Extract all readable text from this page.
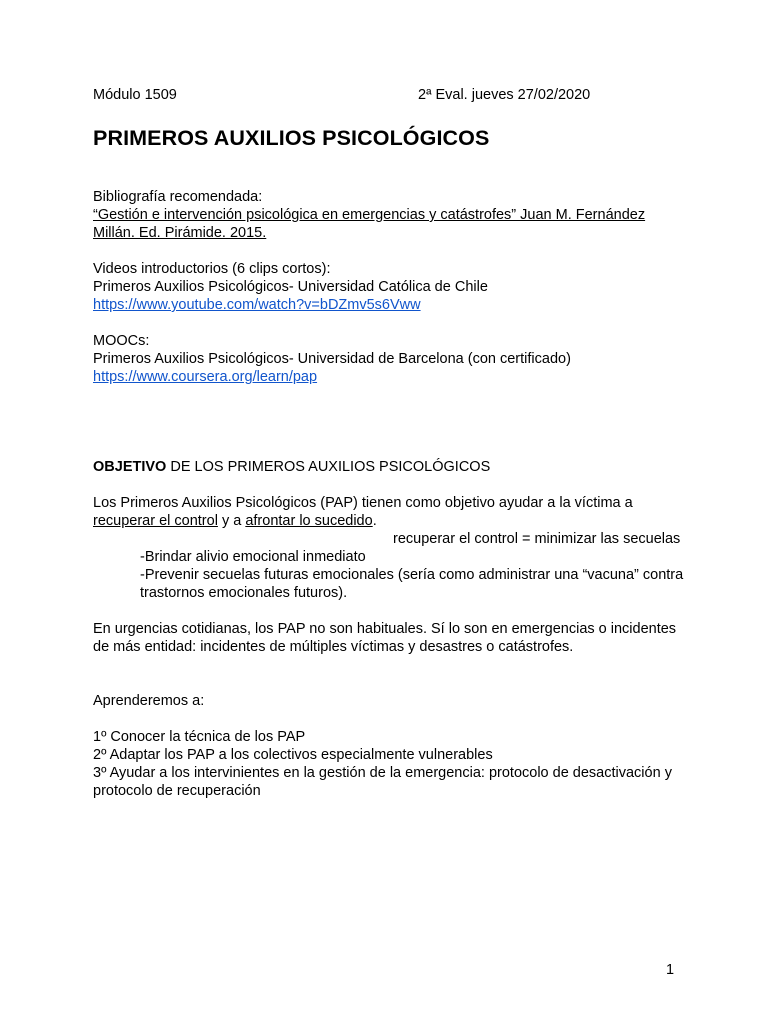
Módulo 1509	2ª Eval. jueves 27/02/2020
PRIMEROS AUXILIOS PSICOLÓGICOS

Bibliografía recomendada:

“Gestión e intervención psicológica en emergencias y catástrofes” Juan M. Fernández

Millán. Ed. Pirámide. 2015.

Videos introductorios (6 clips cortos):

Primeros Auxilios Psicológicos- Universidad Católica de Chile

https://www.youtube.com/watch?v=bDZmv5s6Vww

MOOCs:

Primeros Auxilios Psicológicos- Universidad de Barcelona (con certificado)

https://www.coursera.org/learn/pap

OBJETIVO DE LOS PRIMEROS AUXILIOS PSICOLÓGICOS

Los Primeros Auxilios Psicológicos (PAP) tienen como objetivo ayudar a la víctima a

recuperar el control y a afrontar lo sucedido.

recuperar el control = minimizar las secuelas

-Brindar alivio emocional inmediato

-Prevenir secuelas futuras emocionales (sería como administrar una “vacuna” contra

trastornos emocionales futuros).

En urgencias cotidianas, los PAP no son habituales. Sí lo son en emergencias o incidentes

de más entidad: incidentes de múltiples víctimas y desastres o catástrofes.

Aprenderemos a:

1º Conocer la técnica de los PAP

2º Adaptar los PAP a los colectivos especialmente vulnerables

3º Ayudar a los intervinientes en la gestión de la emergencia: protocolo de desactivación y

protocolo de recuperación

1
